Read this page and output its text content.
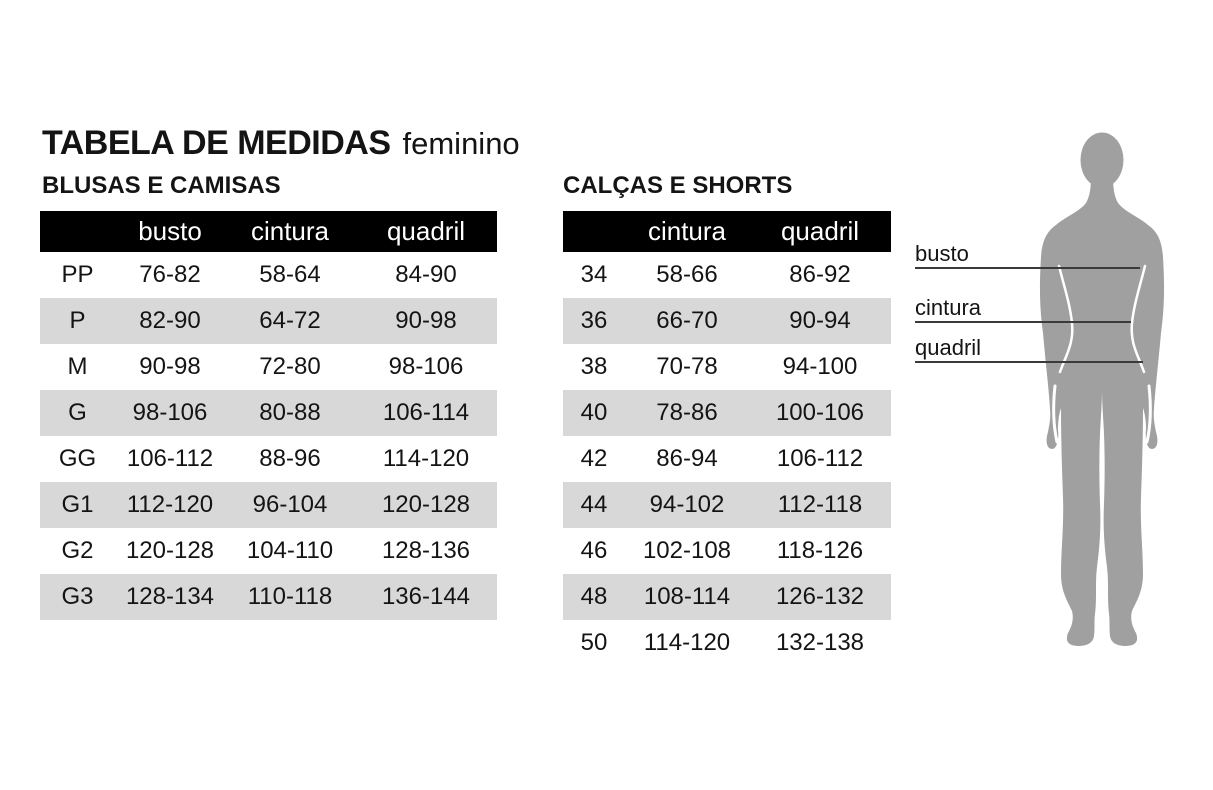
TABELA DE MEDIDAS feminino
BLUSAS E CAMISAS
	busto	cintura	quadril
PP	76-82	58-64	84-90
P	82-90	64-72	90-98
M	90-98	72-80	98-106
G	98-106	80-88	106-114
GG	106-112	88-96	114-120
G1	112-120	96-104	120-128
G2	120-128	104-110	128-136
G3	128-134	110-118	136-144
CALÇAS E SHORTS
	cintura	quadril
34	58-66	86-92
36	66-70	90-94
38	70-78	94-100
40	78-86	100-106
42	86-94	106-112
44	94-102	112-118
46	102-108	118-126
48	108-114	126-132
50	114-120	132-138
busto
cintura
quadril
